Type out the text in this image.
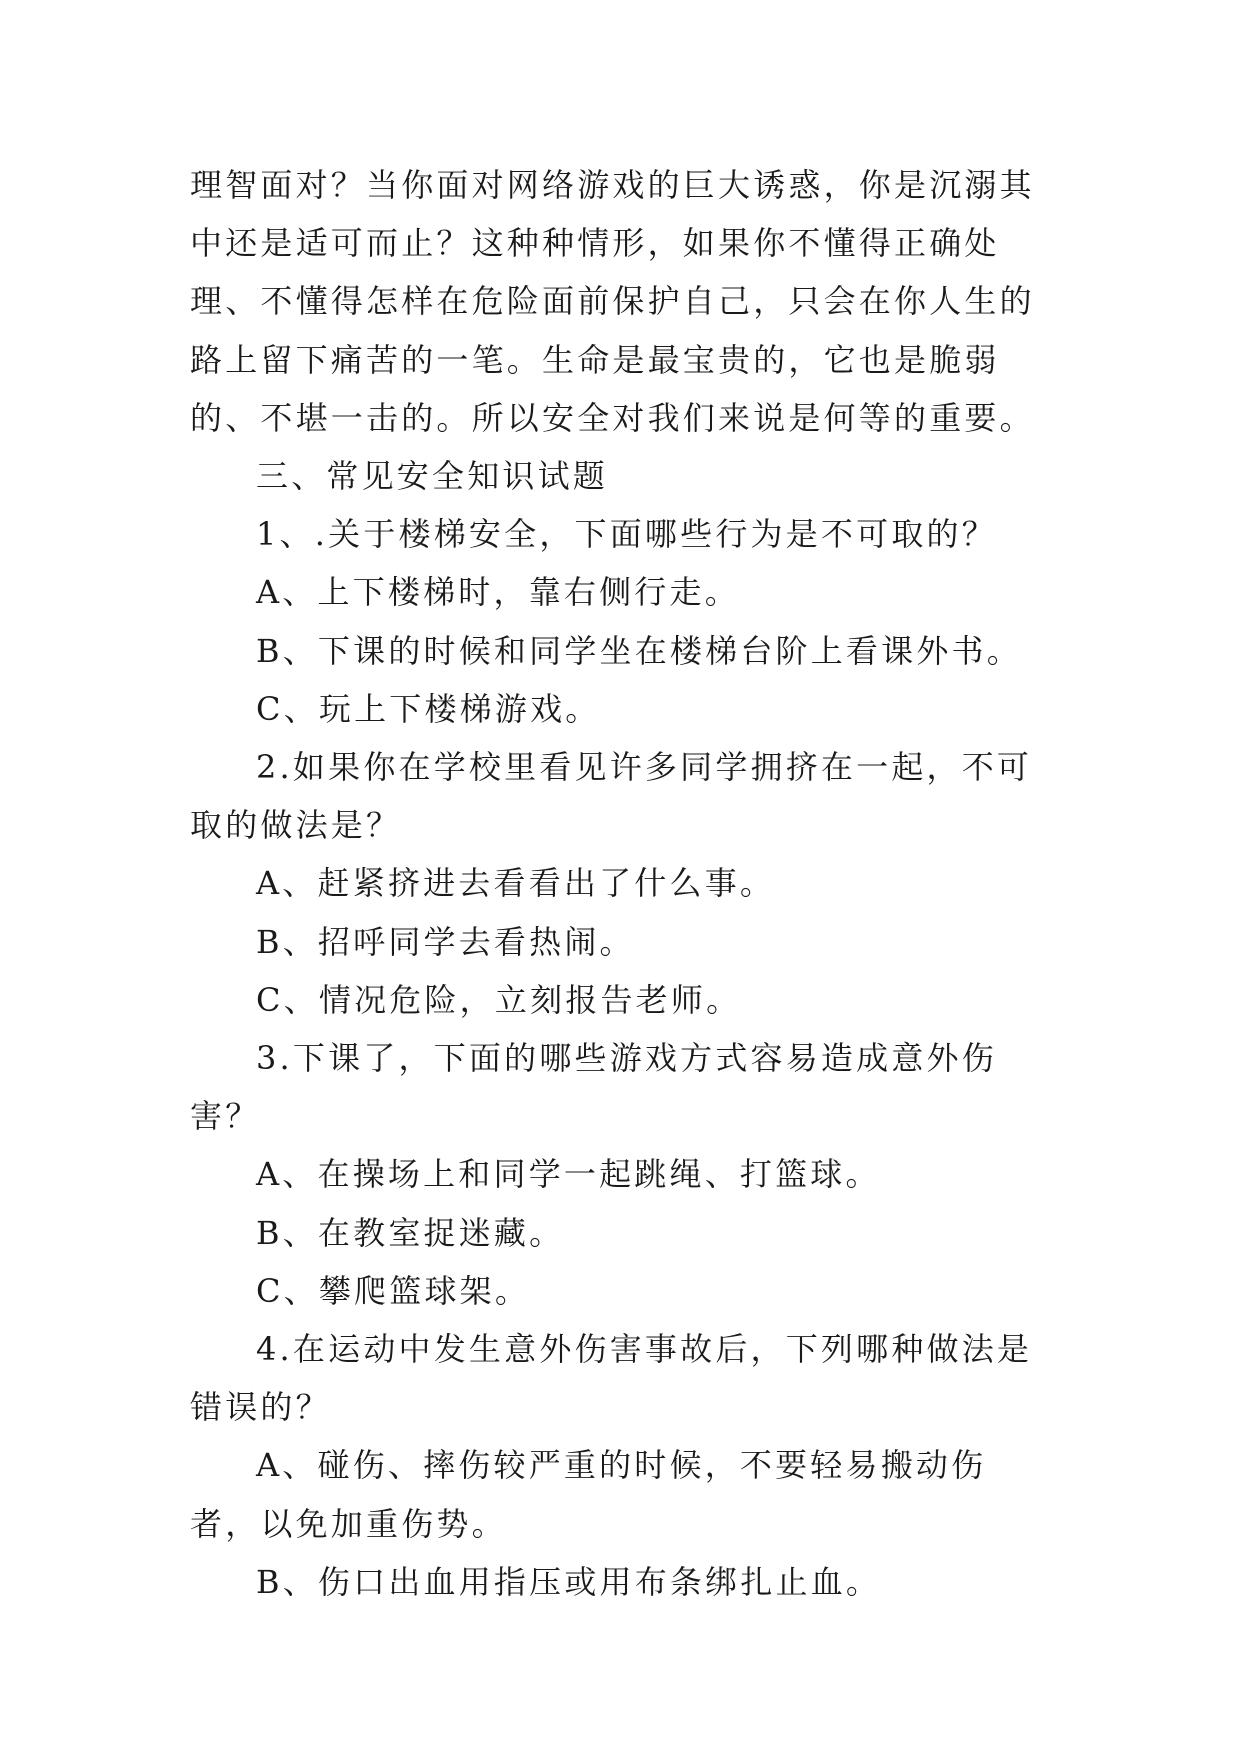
理智面对？当你面对网络游戏的巨大诱惑，你是沉溺其中还是适可而止？这种种情形，如果你不懂得正确处理、不懂得怎样在危险面前保护自己，只会在你人生的路上留下痛苦的一笔。生命是最宝贵的，它也是脆弱的、不堪一击的。所以安全对我们来说是何等的重要。

三、常见安全知识试题

1、.关于楼梯安全，下面哪些行为是不可取的？

A、上下楼梯时，靠右侧行走。

B、下课的时候和同学坐在楼梯台阶上看课外书。

C、玩上下楼梯游戏。

2.如果你在学校里看见许多同学拥挤在一起，不可取的做法是？

A、赶紧挤进去看看出了什么事。

B、招呼同学去看热闹。

C、情况危险，立刻报告老师。

3.下课了，下面的哪些游戏方式容易造成意外伤害？

A、在操场上和同学一起跳绳、打篮球。

B、在教室捉迷藏。

C、攀爬篮球架。

4.在运动中发生意外伤害事故后，下列哪种做法是错误的？

A、碰伤、摔伤较严重的时候，不要轻易搬动伤者，以免加重伤势。

B、伤口出血用指压或用布条绑扎止血。
